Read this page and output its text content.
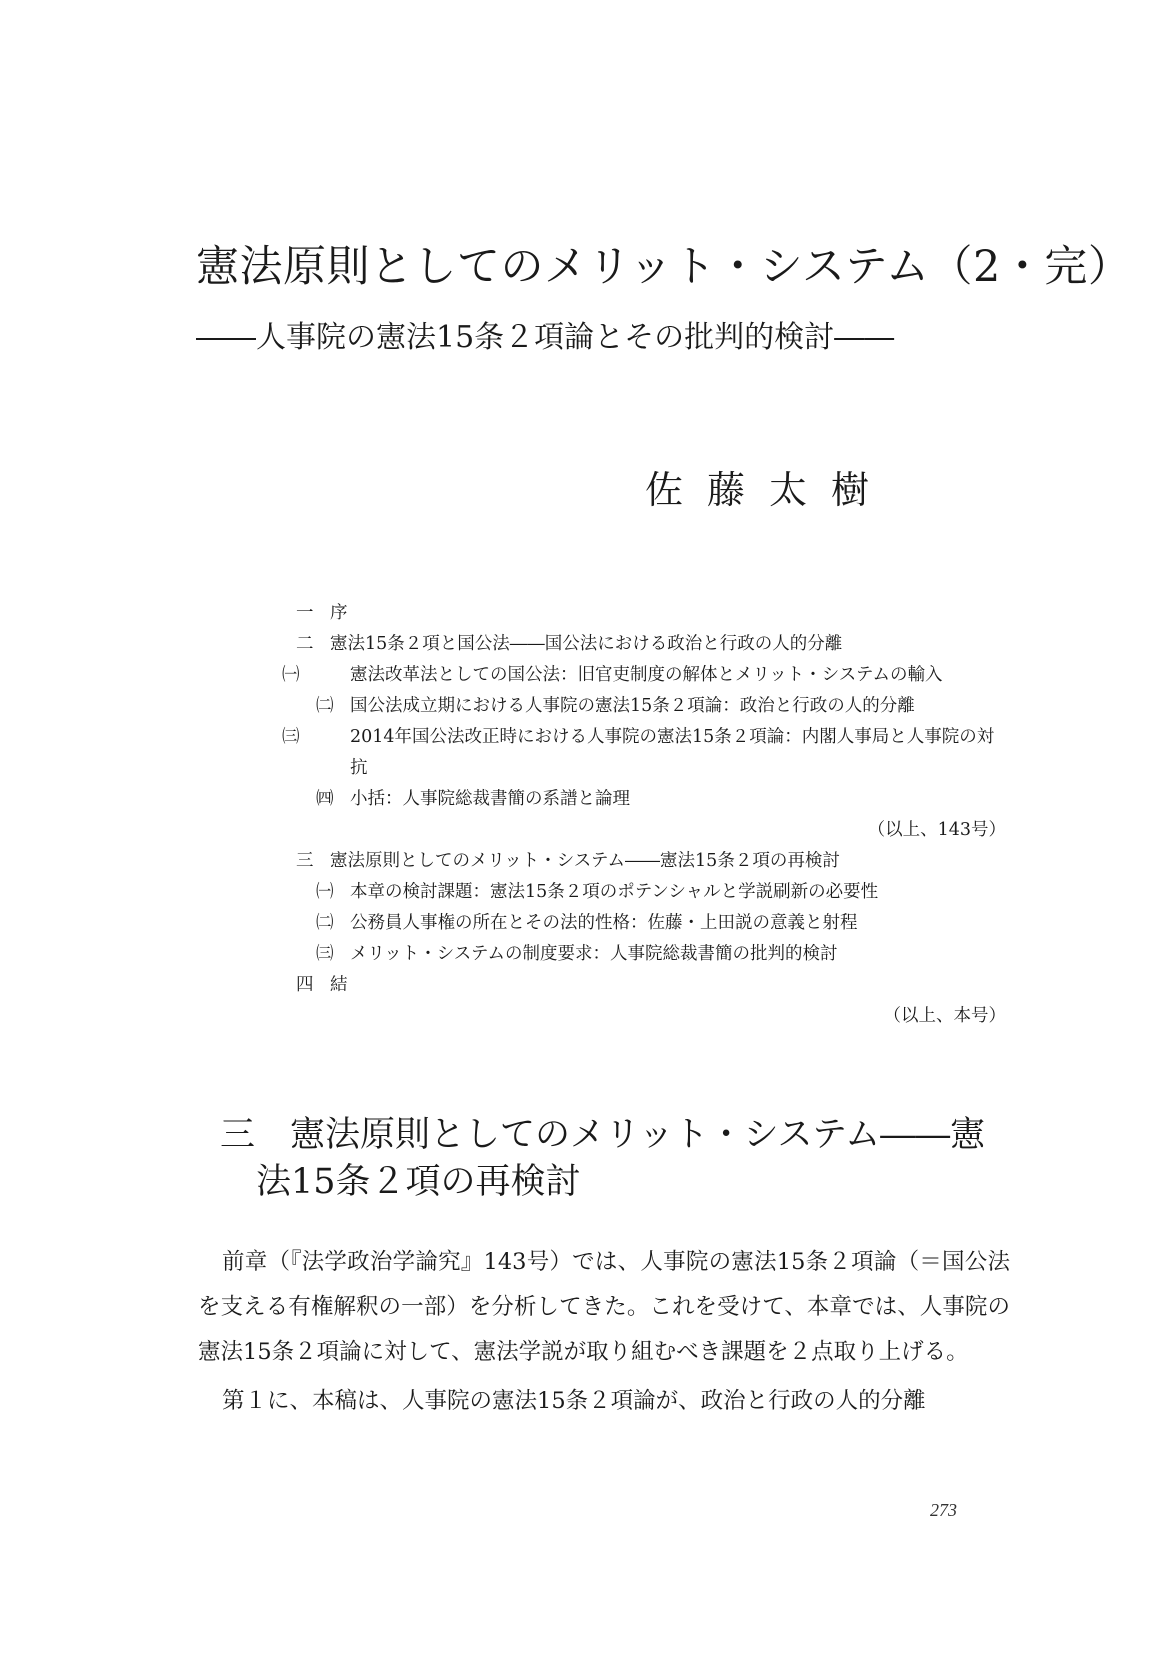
憲法原則としてのメリット・システム（2・完）
――人事院の憲法15条２項論とその批判的検討――
佐藤太樹
一 序
二 憲法15条２項と国公法――国公法における政治と行政の人的分離
㈠	憲法改革法としての国公法：旧官吏制度の解体とメリット・システムの輸入
㈡ 国公法成立期における人事院の憲法15条２項論：政治と行政の人的分離
㈢	2014年国公法改正時における人事院の憲法15条２項論：内閣人事局と人事院の対抗
㈣ 小括：人事院総裁書簡の系譜と論理
（以上、143号）
三 憲法原則としてのメリット・システム――憲法15条２項の再検討
㈠ 本章の検討課題：憲法15条２項のポテンシャルと学説刷新の必要性
㈡ 公務員人事権の所在とその法的性格：佐藤・上田説の意義と射程
㈢ メリット・システムの制度要求：人事院総裁書簡の批判的検討
四 結
（以上、本号）
三　憲法原則としてのメリット・システム――憲
法15条２項の再検討

前章（『法学政治学論究』143号）では、人事院の憲法15条２項論（＝国公法を支える有権解釈の一部）を分析してきた。これを受けて、本章では、人事院の憲法15条２項論に対して、憲法学説が取り組むべき課題を２点取り上げる。

第１に、本稿は、人事院の憲法15条２項論が、政治と行政の人的分離

273
